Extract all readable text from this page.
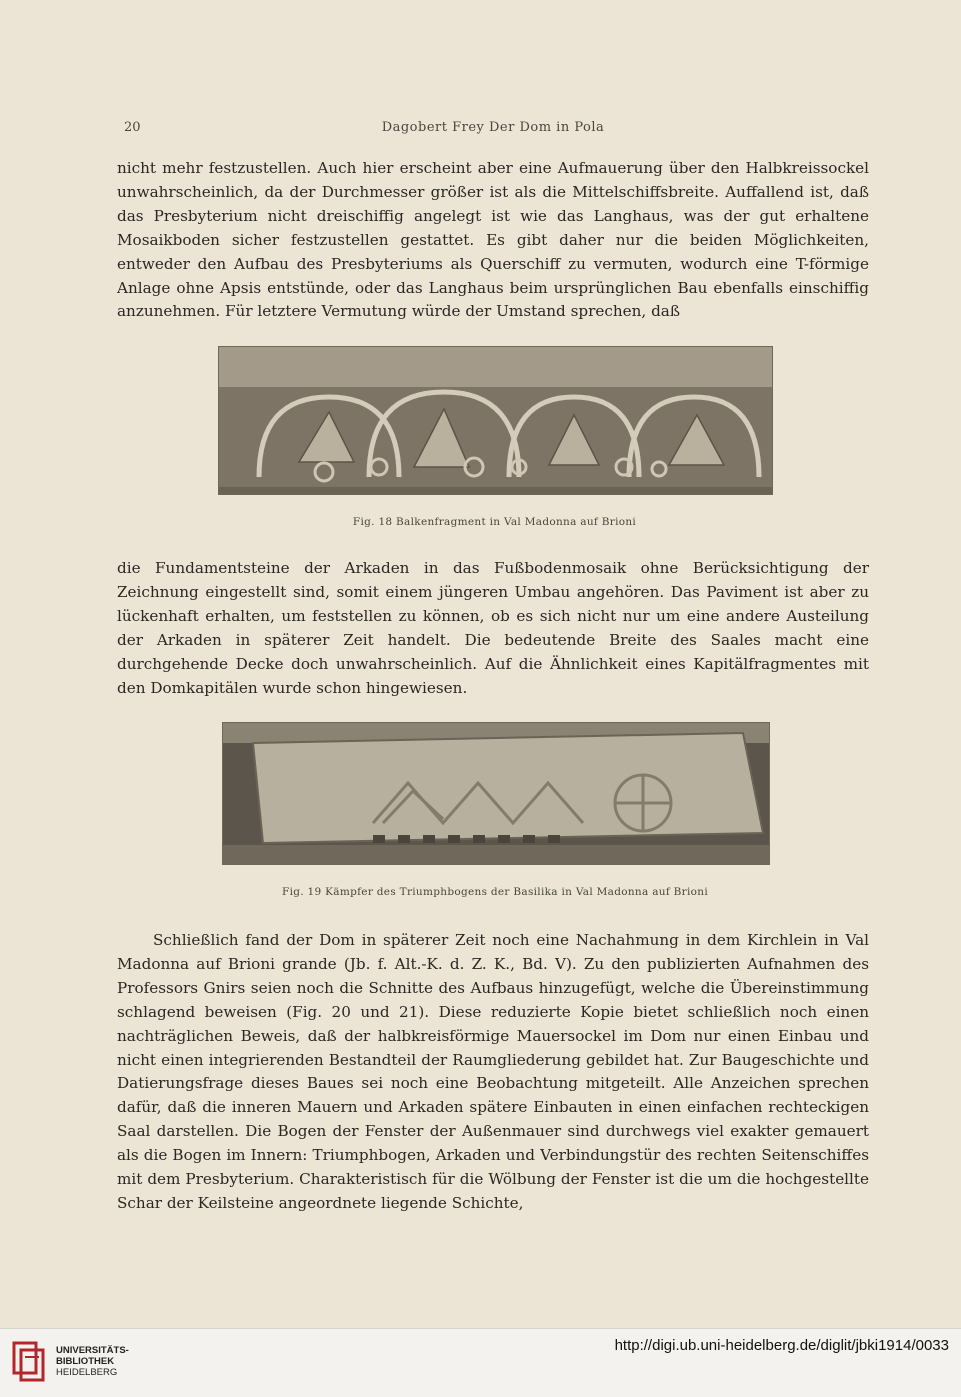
20	Dagobert Frey Der Dom in Pola
nicht mehr festzustellen. Auch hier erscheint aber eine Aufmauerung über den Halbkreissockel unwahrscheinlich, da der Durchmesser größer ist als die Mittelschiffsbreite. Auffallend ist, daß das Presbyterium nicht dreischiffig angelegt ist wie das Langhaus, was der gut erhaltene Mosaikboden sicher festzustellen gestattet. Es gibt daher nur die beiden Möglichkeiten, entweder den Aufbau des Presbyteriums als Querschiff zu vermuten, wodurch eine T-förmige Anlage ohne Apsis entstünde, oder das Langhaus beim ursprünglichen Bau ebenfalls einschiffig anzunehmen. Für letztere Vermutung würde der Umstand sprechen, daß
Fig. 18 Balkenfragment in Val Madonna auf Brioni
die Fundamentsteine der Arkaden in das Fußbodenmosaik ohne Berücksichtigung der Zeichnung eingestellt sind, somit einem jüngeren Umbau angehören. Das Paviment ist aber zu lückenhaft erhalten, um feststellen zu können, ob es sich nicht nur um eine andere Austeilung der Arkaden in späterer Zeit handelt. Die bedeutende Breite des Saales macht eine durchgehende Decke doch unwahrscheinlich. Auf die Ähnlichkeit eines Kapitälfragmentes mit den Domkapitälen wurde schon hingewiesen.
Fig. 19 Kämpfer des Triumphbogens der Basilika in Val Madonna auf Brioni
Schließlich fand der Dom in späterer Zeit noch eine Nachahmung in dem Kirchlein in Val Madonna auf Brioni grande (Jb. f. Alt.-K. d. Z. K., Bd. V). Zu den publizierten Aufnahmen des Professors Gnirs seien noch die Schnitte des Aufbaus hinzugefügt, welche die Übereinstimmung schlagend beweisen (Fig. 20 und 21). Diese reduzierte Kopie bietet schließlich noch einen nachträglichen Beweis, daß der halbkreisförmige Mauersockel im Dom nur einen Einbau und nicht einen integrierenden Bestandteil der Raumgliederung gebildet hat. Zur Baugeschichte und Datierungsfrage dieses Baues sei noch eine Beobachtung mitgeteilt. Alle Anzeichen sprechen dafür, daß die inneren Mauern und Arkaden spätere Einbauten in einen einfachen rechteckigen Saal darstellen. Die Bogen der Fenster der Außenmauer sind durchwegs viel exakter gemauert als die Bogen im Innern: Triumphbogen, Arkaden und Verbindungstür des rechten Seitenschiffes mit dem Presbyterium. Charakteristisch für die Wölbung der Fenster ist die um die hochgestellte Schar der Keilsteine angeordnete liegende Schichte,
UNIVERSITÄTS-
BIBLIOTHEK
HEIDELBERG
http://digi.ub.uni-heidelberg.de/diglit/jbki1914/0033
